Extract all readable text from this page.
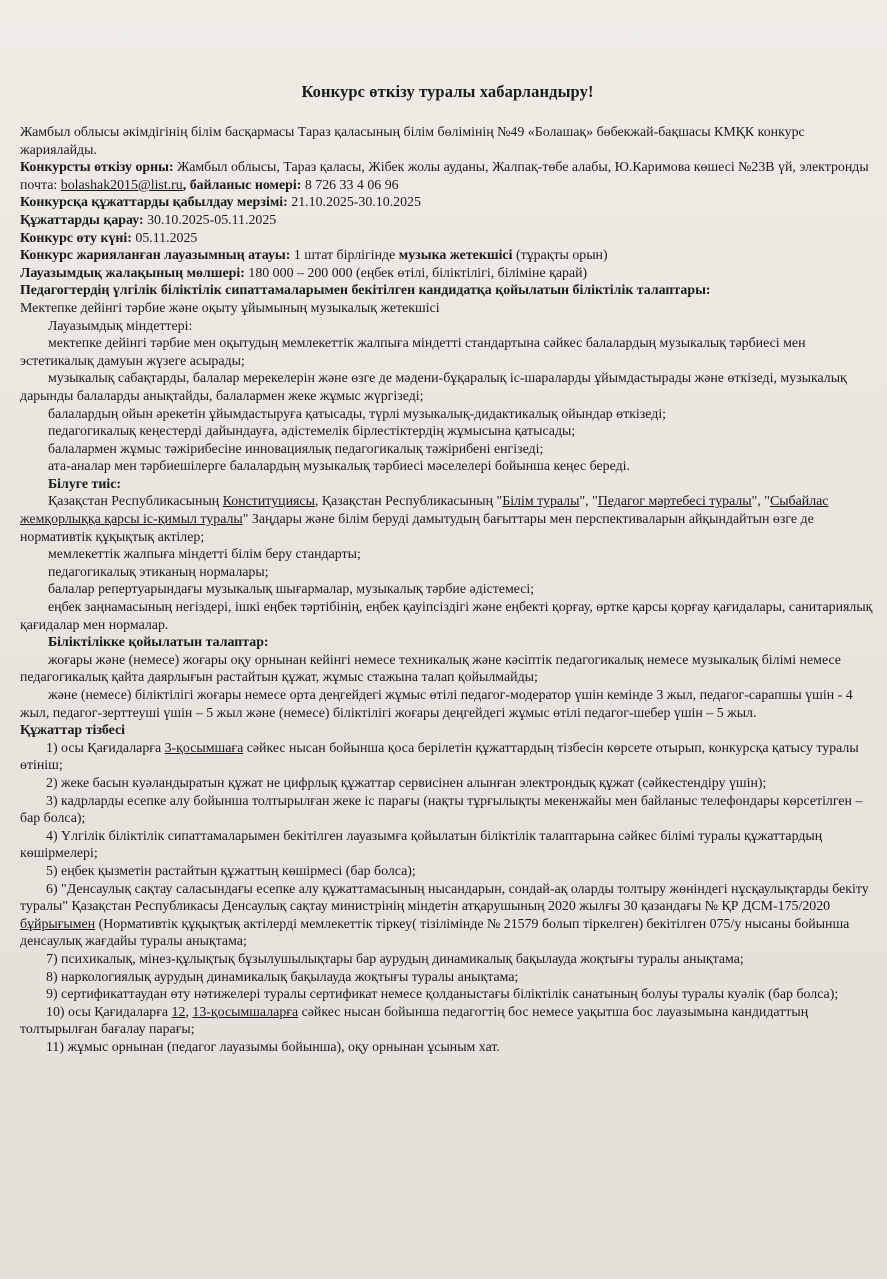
Конкурс өткізу туралы хабарландыру!

Жамбыл облысы әкімдігінің білім басқармасы Тараз қаласының білім бөлімінің №49 «Болашақ» бөбекжай-бақшасы КМҚК конкурс жариялайды.

Конкурсты өткізу орны: Жамбыл облысы, Тараз қаласы, Жібек жолы ауданы, Жалпақ-төбе алабы, Ю.Каримова көшесі №23В үй, электронды почта: bolashak2015@list.ru, байланыс номері: 8 726 33 4 06 96

Конкурсқа құжаттарды қабылдау мерзімі: 21.10.2025-30.10.2025

Құжаттарды қарау: 30.10.2025-05.11.2025

Конкурс өту күні: 05.11.2025

Конкурс жарияланған лауазымның атауы: 1 штат бірлігінде музыка жетекшісі (тұрақты орын)

Лауазымдық жалақының мөлшері: 180 000 – 200 000 (еңбек өтілі, біліктілігі, біліміне қарай)

Педагогтердің үлгілік біліктілік сипаттамаларымен бекітілген кандидатқа қойылатын біліктілік талаптары:

Мектепке дейінгі тәрбие және оқыту ұйымының музыкалық жетекшісі

Лауазымдық міндеттері:

мектепке дейінгі тәрбие мен оқытудың мемлекеттік жалпыға міндетті стандартына сәйкес балалардың музыкалық тәрбиесі мен эстетикалық дамуын жүзеге асырады;

музыкалық сабақтарды, балалар мерекелерін және өзге де мәдени-бұқаралық іс-шараларды ұйымдастырады және өткізеді, музыкалық дарынды балаларды анықтайды, балалармен жеке жұмыс жүргізеді;

балалардың ойын әрекетін ұйымдастыруға қатысады, түрлі музыкалық-дидактикалық ойындар өткізеді;

педагогикалық кеңестерді дайындауға, әдістемелік бірлестіктердің жұмысына қатысады;

балалармен жұмыс тәжірибесіне инновациялық педагогикалық тәжірибені енгізеді;

ата-аналар мен тәрбиешілерге балалардың музыкалық тәрбиесі мәселелері бойынша кеңес береді.

Білуге тиіс:

Қазақстан Республикасының Конституциясы, Қазақстан Республикасының "Білім туралы", "Педагог мәртебесі туралы", "Сыбайлас жемқорлыққа қарсы іс-қимыл туралы" Заңдары және білім беруді дамытудың бағыттары мен перспективаларын айқындайтын өзге де нормативтік құқықтық актілер;

мемлекеттік жалпыға міндетті білім беру стандарты;

педагогикалық этиканың нормалары;

балалар репертуарындағы музыкалық шығармалар, музыкалық тәрбие әдістемесі;

еңбек заңнамасының негіздері, ішкі еңбек тәртібінің, еңбек қауіпсіздігі және еңбекті қорғау, өртке қарсы қорғау қағидалары, санитариялық қағидалар мен нормалар.

Біліктілікке қойылатын талаптар:

жоғары және (немесе) жоғары оқу орнынан кейінгі немесе техникалық және кәсіптік педагогикалық немесе музыкалық білімі немесе педагогикалық қайта даярлығын растайтын құжат, жұмыс стажына талап қойылмайды;

және (немесе) біліктілігі жоғары немесе орта деңгейдегі жұмыс өтілі педагог-модератор үшін кемінде 3 жыл, педагог-сарапшы үшін - 4 жыл, педагог-зерттеуші үшін – 5 жыл және (немесе) біліктілігі жоғары деңгейдегі жұмыс өтілі педагог-шебер үшін – 5 жыл.

Құжаттар тізбесі

1) осы Қағидаларға 3-қосымшаға сәйкес нысан бойынша қоса берілетін құжаттардың тізбесін көрсете отырып, конкурсқа қатысу туралы өтініш;

2) жеке басын куәландыратын құжат не цифрлық құжаттар сервисінен алынған электрондық құжат (сәйкестендіру үшін);

3) кадрларды есепке алу бойынша толтырылған жеке іс парағы (нақты тұрғылықты мекенжайы мен байланыс телефондары көрсетілген – бар болса);

4) Үлгілік біліктілік сипаттамаларымен бекітілген лауазымға қойылатын біліктілік талаптарына сәйкес білімі туралы құжаттардың көшірмелері;

5) еңбек қызметін растайтын құжаттың көшірмесі (бар болса);

6) "Денсаулық сақтау саласындағы есепке алу құжаттамасының нысандарын, сондай-ақ оларды толтыру жөніндегі нұсқаулықтарды бекіту туралы" Қазақстан Республикасы Денсаулық сақтау министрінің міндетін атқарушының 2020 жылғы 30 қазандағы № ҚР ДСМ-175/2020 бұйрығымен (Нормативтік құқықтық актілерді мемлекеттік тіркеу( тізілімінде № 21579 болып тіркелген) бекітілген 075/у нысаны бойынша денсаулық жағдайы туралы анықтама;

7) психикалық, мінез-құлықтық бұзылушылықтары бар аурудың динамикалық бақылауда жоқтығы туралы анықтама;

8) наркологиялық аурудың динамикалық бақылауда жоқтығы туралы анықтама;

9) сертификаттаудан өту нәтижелері туралы сертификат немесе қолданыстағы біліктілік санатының болуы туралы куәлік (бар болса);

10) осы Қағидаларға 12, 13-қосымшаларға сәйкес нысан бойынша педагогтің бос немесе уақытша бос лауазымына кандидаттың толтырылған бағалау парағы;

11) жұмыс орнынан (педагог лауазымы бойынша), оқу орнынан ұсыным хат.
